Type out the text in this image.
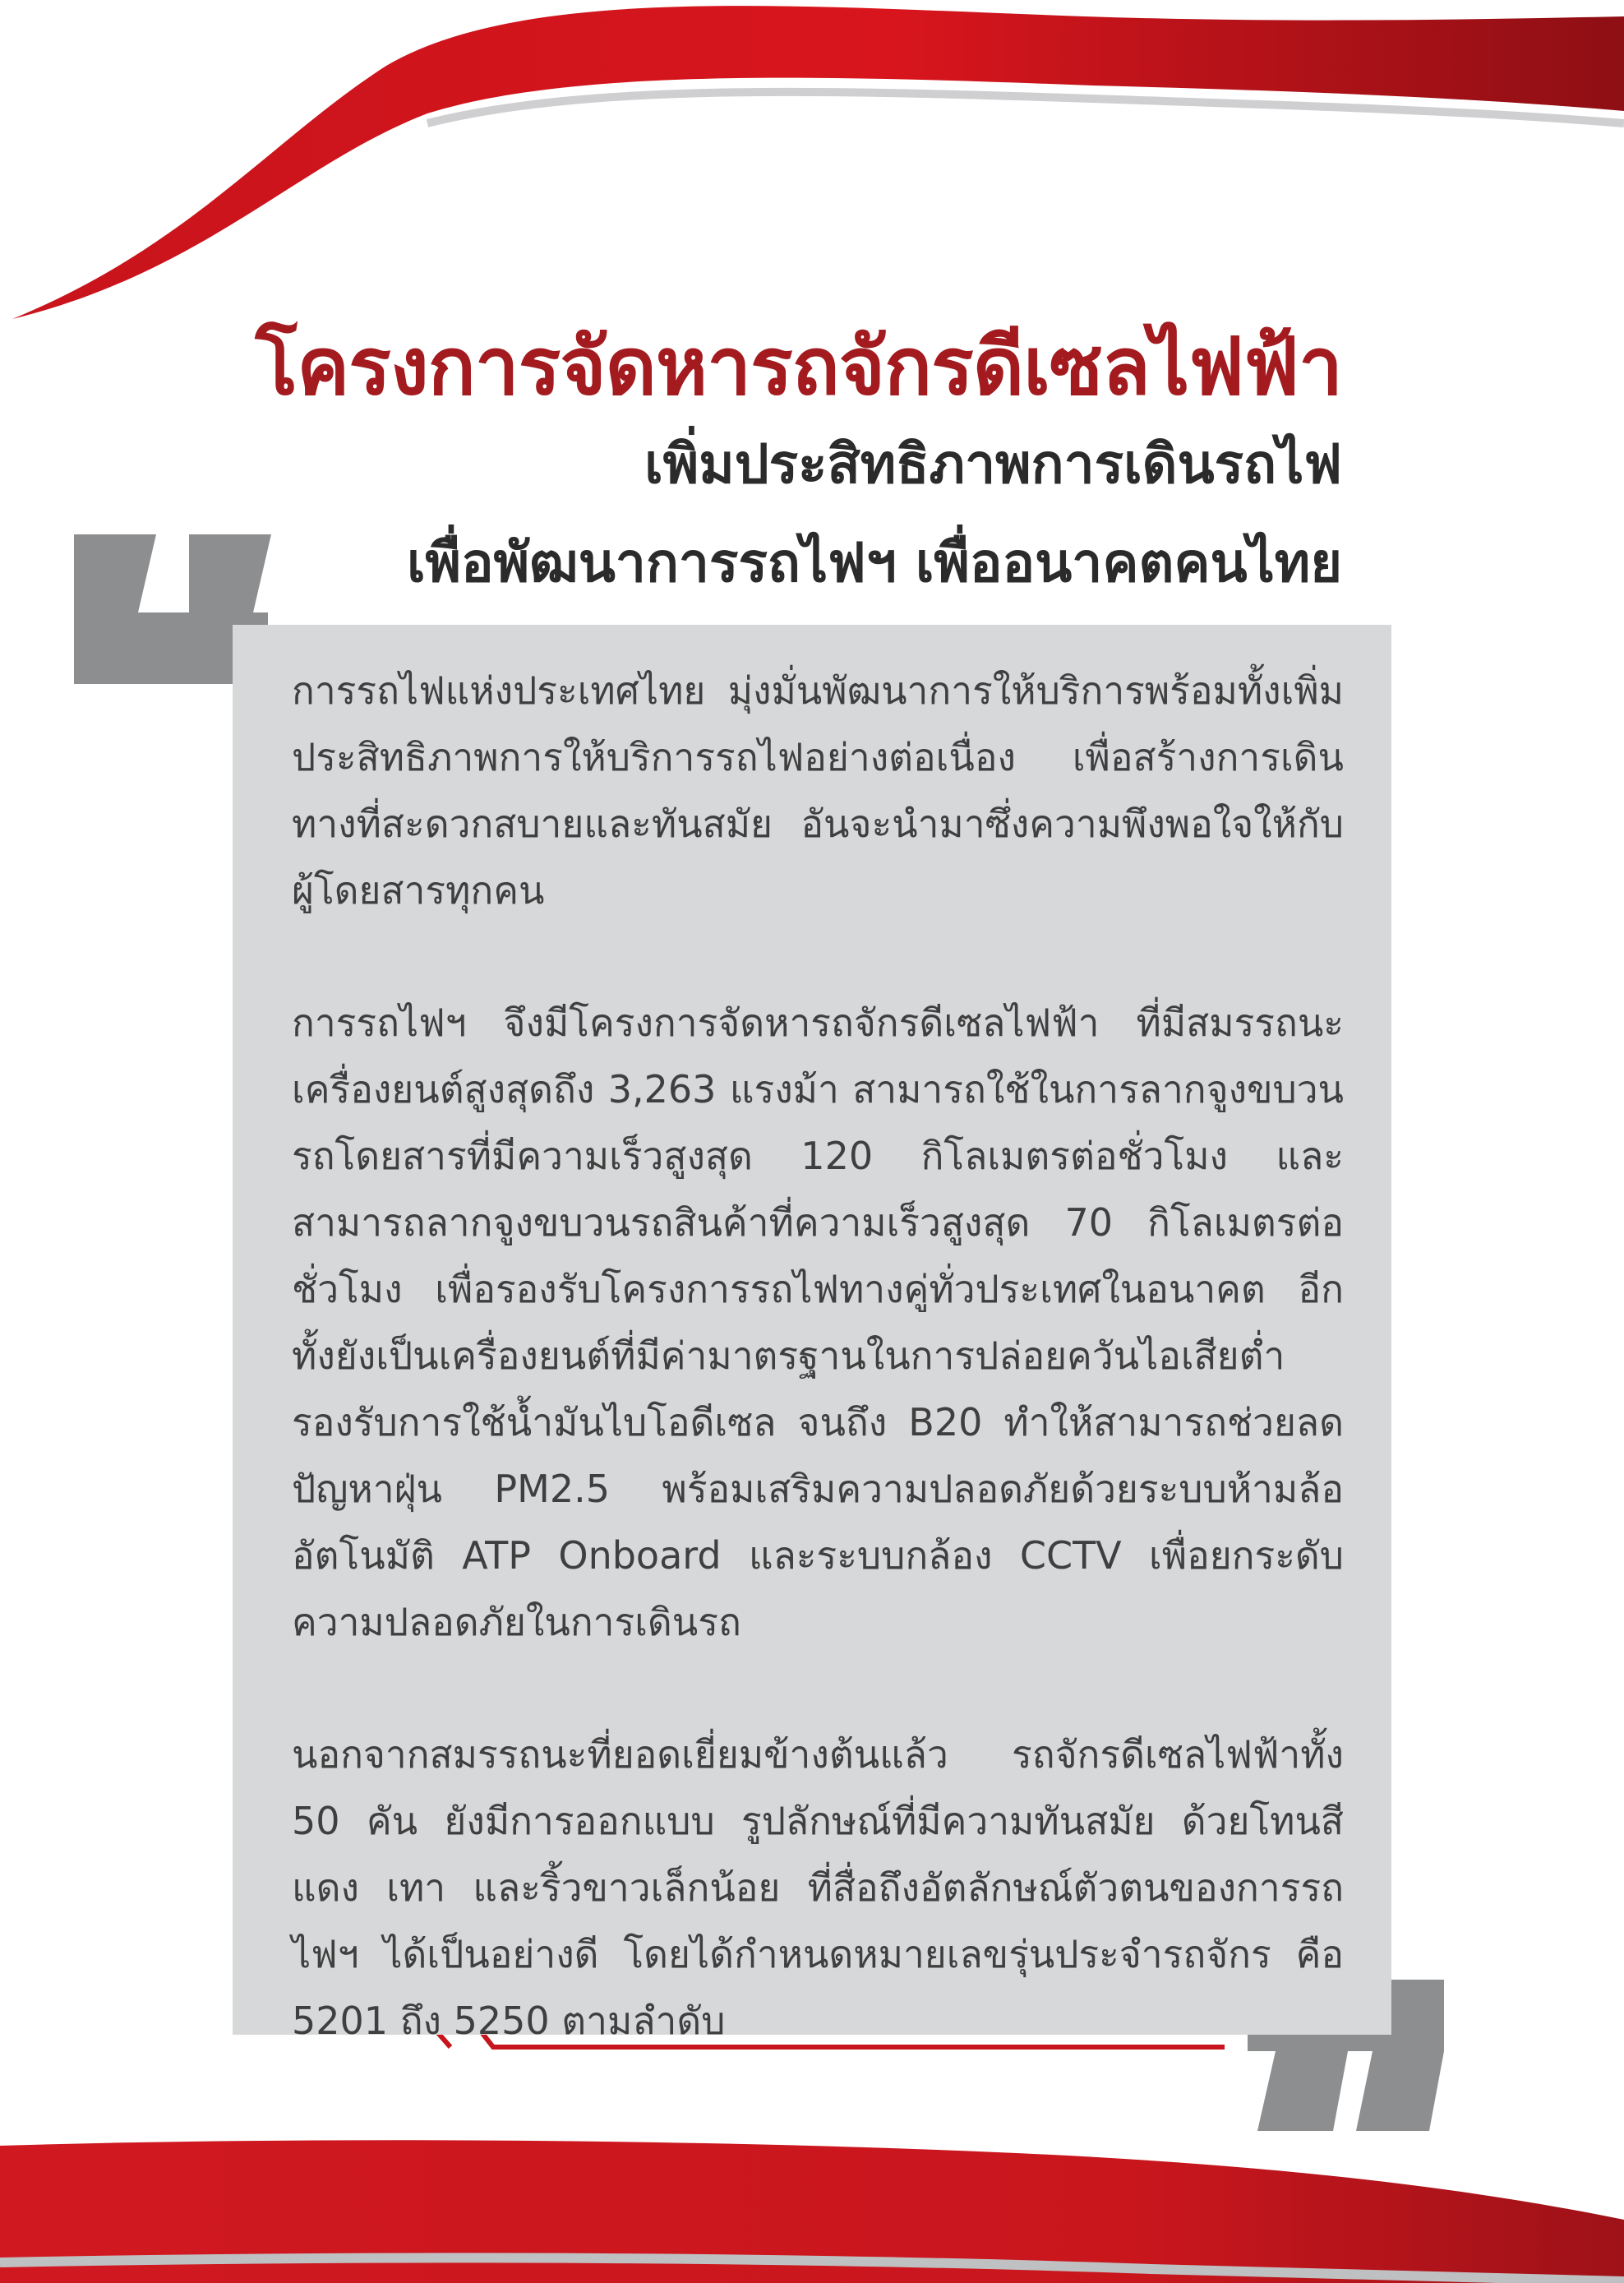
โครงการจัดหารถจักรดีเซลไฟฟ้า
เพิ่มประสิทธิภาพการเดินรถไฟ
เพื่อพัฒนาการรถไฟฯ เพื่ออนาคตคนไทย

การรถไฟแห่งประเทศไทย มุ่งมั่นพัฒนาการให้บริการพร้อมทั้งเพิ่มประสิทธิภาพการให้บริการรถไฟอย่างต่อเนื่อง เพื่อสร้างการเดินทางที่สะดวกสบายและทันสมัย อันจะนำมาซึ่งความพึงพอใจให้กับผู้โดยสารทุกคน

การรถไฟฯ จึงมีโครงการจัดหารถจักรดีเซลไฟฟ้า ที่มีสมรรถนะเครื่องยนต์สูงสุดถึง 3,263 แรงม้า สามารถใช้ในการลากจูงขบวนรถโดยสารที่มีความเร็วสูงสุด 120 กิโลเมตรต่อชั่วโมง และสามารถลากจูงขบวนรถสินค้าที่ความเร็วสูงสุด 70 กิโลเมตรต่อชั่วโมง เพื่อรองรับโครงการรถไฟทางคู่ทั่วประเทศในอนาคต อีกทั้งยังเป็นเครื่องยนต์ที่มีค่ามาตรฐานในการปล่อยควันไอเสียต่ำ รองรับการใช้น้ำมันไบโอดีเซล จนถึง B20 ทำให้สามารถช่วยลดปัญหาฝุ่น PM2.5 พร้อมเสริมความปลอดภัยด้วยระบบห้ามล้ออัตโนมัติ ATP Onboard และระบบกล้อง CCTV เพื่อยกระดับความปลอดภัยในการเดินรถ

นอกจากสมรรถนะที่ยอดเยี่ยมข้างต้นแล้ว รถจักรดีเซลไฟฟ้าทั้ง 50 คัน ยังมีการออกแบบ รูปลักษณ์ที่มีความทันสมัย ด้วยโทนสีแดง เทา และริ้วขาวเล็กน้อย ที่สื่อถึงอัตลักษณ์ตัวตนของการรถไฟฯ ได้เป็นอย่างดี โดยได้กำหนดหมายเลขรุ่นประจำรถจักร คือ 5201 ถึง 5250 ตามลำดับ
